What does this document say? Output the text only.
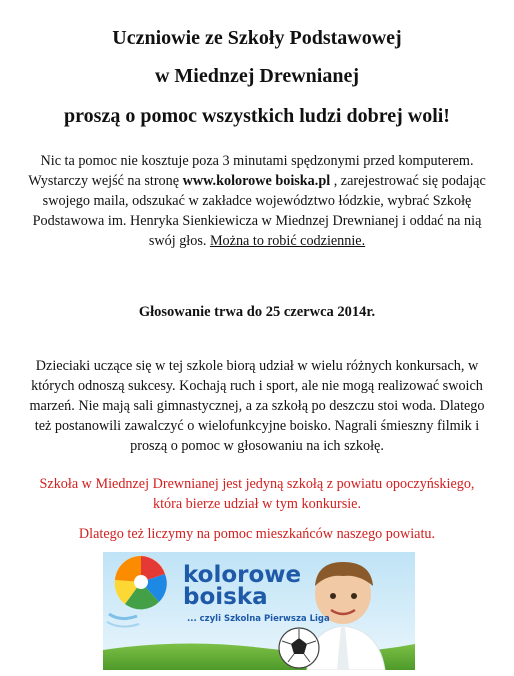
Uczniowie ze Szkoły Podstawowej

w Miednzej Drewnianej

proszą o pomoc wszystkich ludzi dobrej woli!

Nic ta pomoc nie kosztuje poza 3 minutami spędzonymi przed komputerem.
Wystarczy wejść na stronę www.kolorowe boiska.pl , zarejestrować się podając
swojego maila, odszukać w zakładce województwo łódzkie, wybrać Szkołę
Podstawowa im. Henryka Sienkiewicza w Miednzej Drewnianej i oddać na nią
swój głos. Można to robić codziennie.

Głosowanie trwa do 25 czerwca 2014r.

Dzieciaki uczące się w tej szkole biorą udział w wielu różnych konkursach, w
których odnoszą sukcesy. Kochają ruch i sport, ale nie mogą realizować swoich
marzeń. Nie mają sali gimnastycznej, a za szkołą po deszczu stoi woda. Dlatego
też postanowili zawalczyć o wielofunkcyjne boisko. Nagrali śmieszny filmik i
proszą o pomoc w głosowaniu na ich szkołę.
Szkoła w Miednzej Drewnianej jest jedyną szkołą z powiatu opoczyńskiego,
która bierze udział w tym konkursie.

Dlatego też liczymy na pomoc mieszkańców naszego powiatu.

kolorowe
boiska
... czyli Szkolna Pierwsza Liga
